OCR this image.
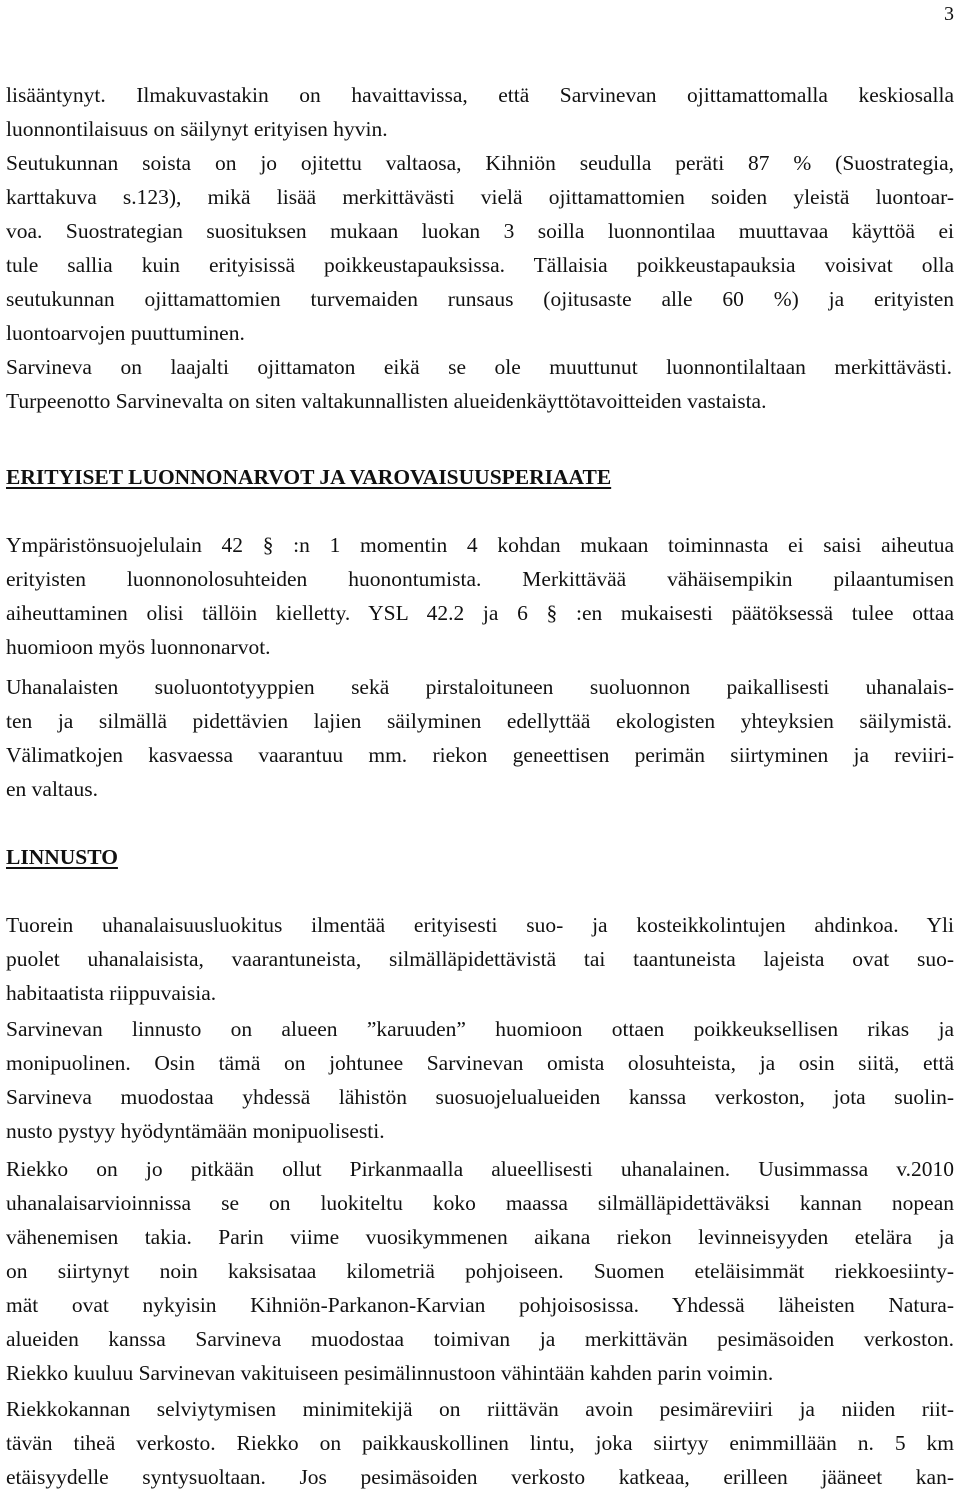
3
lisääntynyt. Ilmakuvastakin on havaittavissa, että Sarvinevan ojittamattomalla keskiosalla
luonnontilaisuus on säilynyt erityisen hyvin.
Seutukunnan soista on jo ojitettu valtaosa, Kihniön seudulla peräti 87 % (Suostrategia,
karttakuva s.123), mikä lisää merkittävästi vielä ojittamattomien soiden yleistä luontoar-
voa. Suostrategian suosituksen mukaan luokan 3 soilla luonnontilaa muuttavaa käyttöä ei
tule sallia kuin erityisissä poikkeustapauksissa. Tällaisia poikkeustapauksia voisivat olla
seutukunnan ojittamattomien turvemaiden runsaus (ojitusaste alle 60 %) ja erityisten
luontoarvojen puuttuminen.
Sarvineva on laajalti ojittamaton eikä se ole muuttunut luonnontilaltaan merkittävästi.
Turpeenotto Sarvinevalta on siten valtakunnallisten alueidenkäyttötavoitteiden vastaista.
ERITYISET LUONNONARVOT JA VAROVAISUUSPERIAATE
Ympäristönsuojelulain 42 § :n 1 momentin 4 kohdan mukaan toiminnasta ei saisi aiheutua
erityisten luonnonolosuhteiden huonontumista. Merkittävää vähäisempikin pilaantumisen
aiheuttaminen olisi tällöin kielletty. YSL 42.2 ja 6 § :en mukaisesti päätöksessä tulee ottaa
huomioon myös luonnonarvot.
Uhanalaisten suoluontotyyppien sekä pirstaloituneen suoluonnon paikallisesti uhanalais-
ten ja silmällä pidettävien lajien säilyminen edellyttää ekologisten yhteyksien säilymistä.
Välimatkojen kasvaessa vaarantuu mm. riekon geneettisen perimän siirtyminen ja reviiri-
en valtaus.
LINNUSTO
Tuorein uhanalaisuusluokitus ilmentää erityisesti suo- ja kosteikkolintujen ahdinkoa. Yli
puolet uhanalaisista, vaarantuneista, silmälläpidettävistä tai taantuneista lajeista ovat suo-
habitaatista riippuvaisia.
Sarvinevan linnusto on alueen ”karuuden” huomioon ottaen poikkeuksellisen rikas ja
monipuolinen. Osin tämä on johtunee Sarvinevan omista olosuhteista, ja osin siitä, että
Sarvineva muodostaa yhdessä lähistön suosuojelualueiden kanssa verkoston, jota suolin-
nusto pystyy hyödyntämään monipuolisesti.
Riekko on jo pitkään ollut Pirkanmaalla alueellisesti uhanalainen. Uusimmassa v.2010
uhanalaisarvioinnissa se on luokiteltu koko maassa silmälläpidettäväksi kannan nopean
vähenemisen takia. Parin viime vuosikymmenen aikana riekon levinneisyyden etelära ja
on siirtynyt noin kaksisataa kilometriä pohjoiseen. Suomen eteläisimmät riekkoesiinty-
mät ovat nykyisin Kihniön-Parkanon-Karvian pohjoisosissa. Yhdessä läheisten Natura-
alueiden kanssa Sarvineva muodostaa toimivan ja merkittävän pesimäsoiden verkoston.
Riekko kuuluu Sarvinevan vakituiseen pesimälinnustoon vähintään kahden parin voimin.
Riekkokannan selviytymisen minimitekijä on riittävän avoin pesimäreviiri ja niiden riit-
tävän tiheä verkosto. Riekko on paikkauskollinen lintu, joka siirtyy enimmillään n. 5 km
etäisyydelle syntysuoltaan. Jos pesimäsoiden verkosto katkeaa, erilleen jääneet kan-
